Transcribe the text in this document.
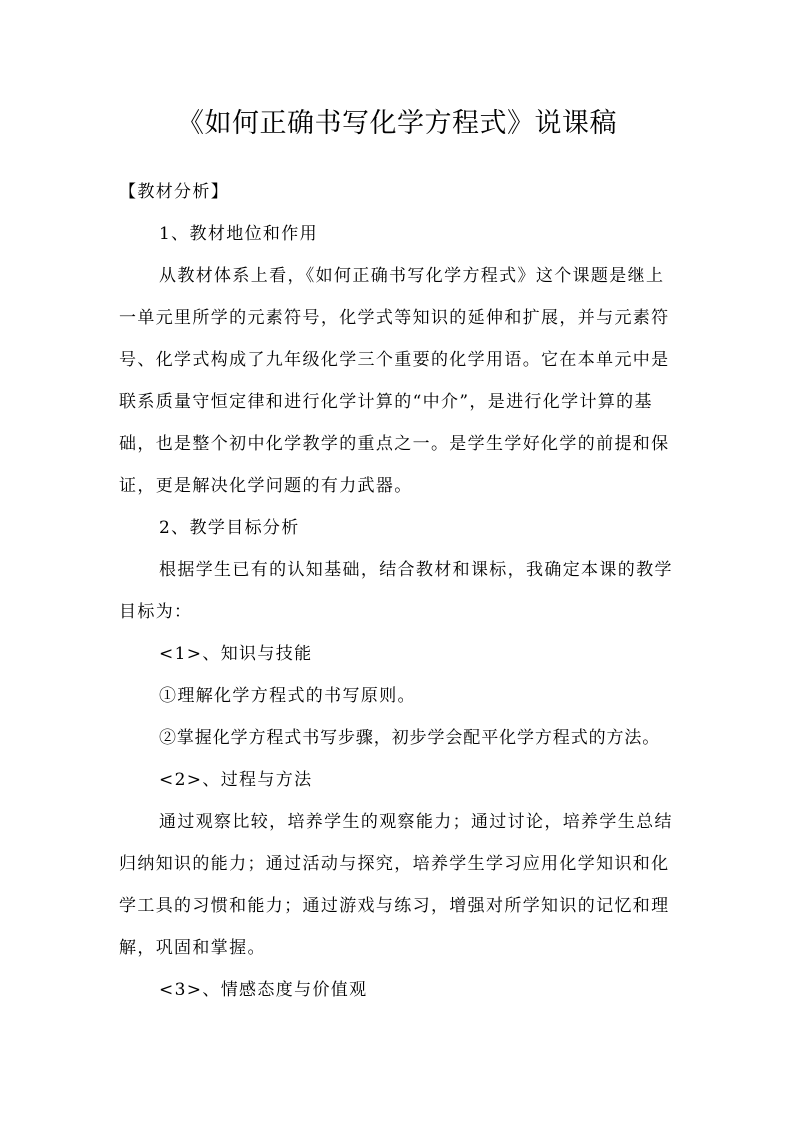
《如何正确书写化学方程式》说课稿
【教材分析】
1、教材地位和作用
从教材体系上看，《如何正确书写化学方程式》这个课题是继上
一单元里所学的元素符号，化学式等知识的延伸和扩展，并与元素符
号、化学式构成了九年级化学三个重要的化学用语。它在本单元中是
联系质量守恒定律和进行化学计算的“中介”，是进行化学计算的基
础，也是整个初中化学教学的重点之一。是学生学好化学的前提和保
证，更是解决化学问题的有力武器。
2、教学目标分析
根据学生已有的认知基础，结合教材和课标，我确定本课的教学
目标为：
<1>、知识与技能
①理解化学方程式的书写原则。
②掌握化学方程式书写步骤，初步学会配平化学方程式的方法。
<2>、过程与方法
通过观察比较，培养学生的观察能力；通过讨论，培养学生总结
归纳知识的能力；通过活动与探究，培养学生学习应用化学知识和化
学工具的习惯和能力；通过游戏与练习，增强对所学知识的记忆和理
解，巩固和掌握。
<3>、情感态度与价值观
